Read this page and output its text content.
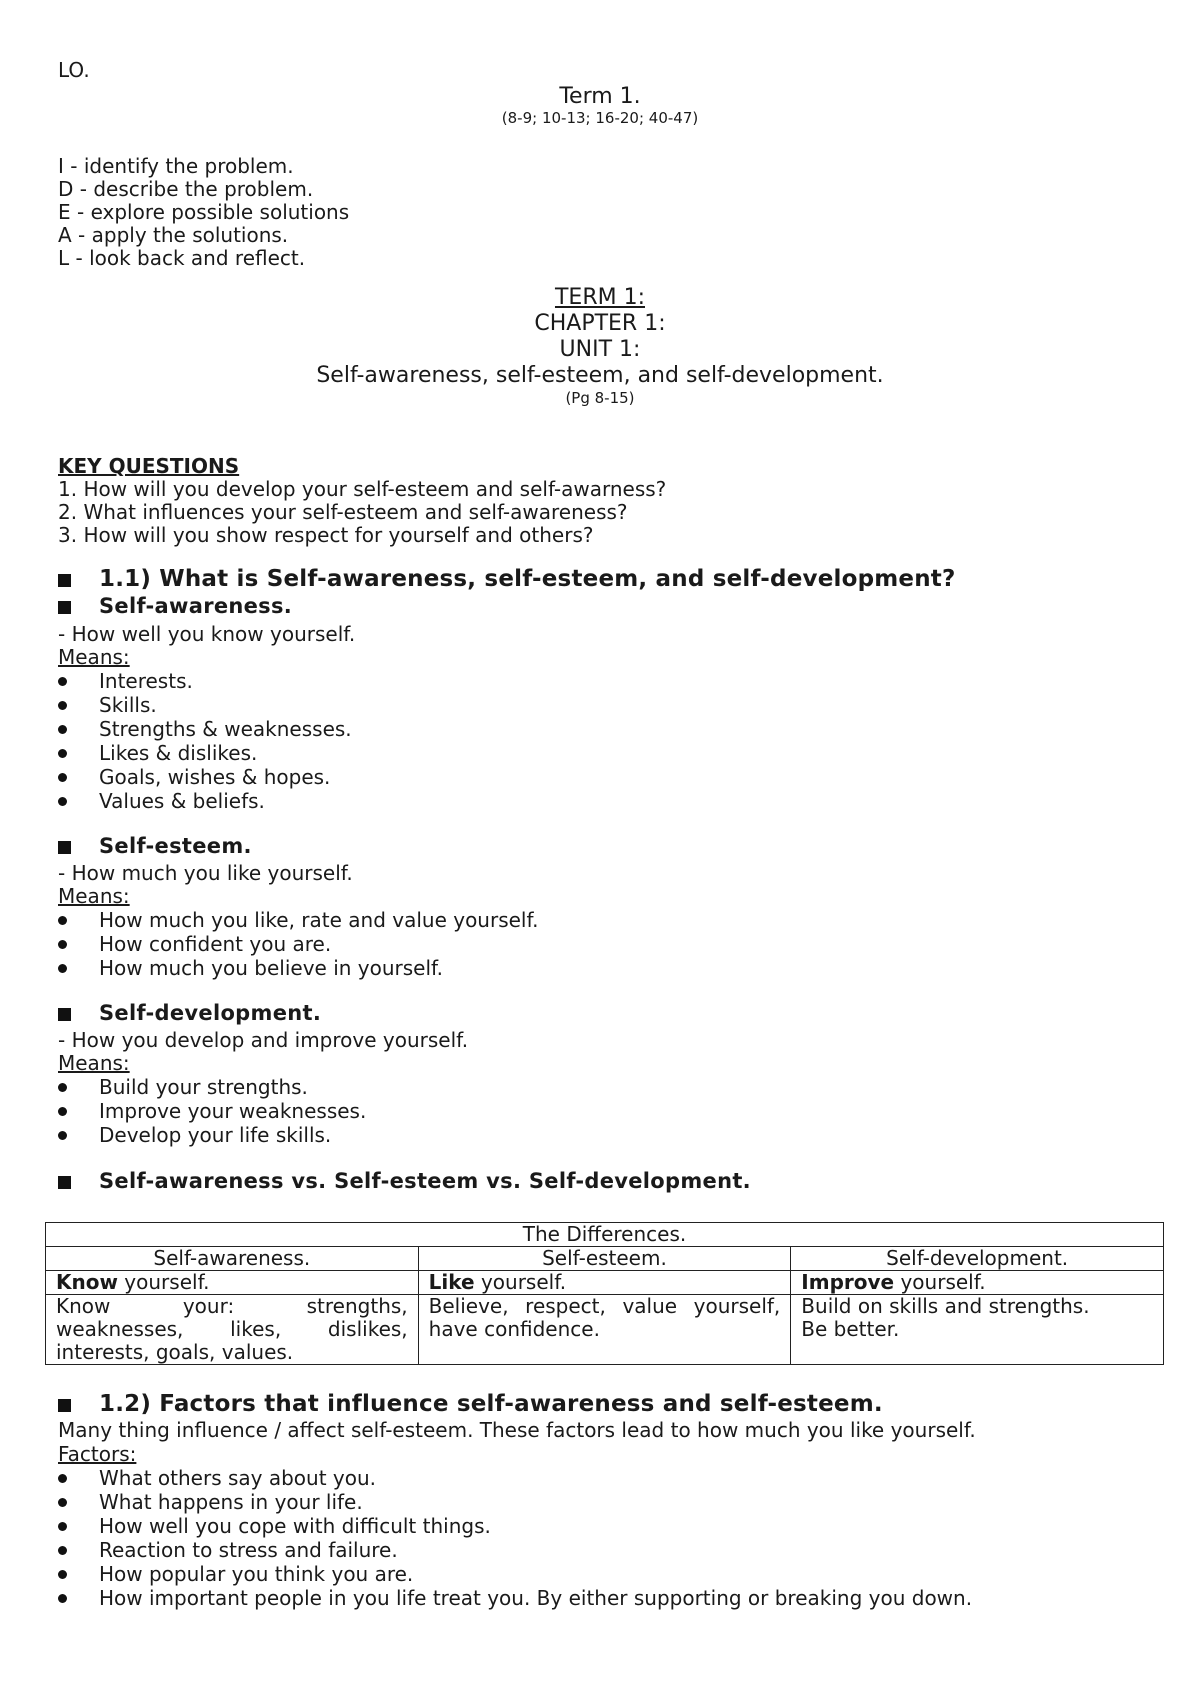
LO.
Term 1.
(8-9; 10-13; 16-20; 40-47)
I - identify the problem.
D - describe the problem.
E - explore possible solutions
A - apply the solutions.
L - look back and reflect.
TERM 1:
CHAPTER 1:
UNIT 1:
Self-awareness, self-esteem, and self-development.
(Pg 8-15)
KEY QUESTIONS
1. How will you develop your self-esteem and self-awarness?
2. What influences your self-esteem and self-awareness?
3. How will you show respect for yourself and others?
1.1) What is Self-awareness, self-esteem, and self-development?
Self-awareness.
- How well you know yourself.
Means:
Interests.
Skills.
Strengths & weaknesses.
Likes & dislikes.
Goals, wishes & hopes.
Values & beliefs.
Self-esteem.
- How much you like yourself.
Means:
How much you like, rate and value yourself.
How confident you are.
How much you believe in yourself.
Self-development.
- How you develop and improve yourself.
Means:
Build your strengths.
Improve your weaknesses.
Develop your life skills.
Self-awareness vs. Self-esteem vs. Self-development.
The Differences.		
Self-awareness.	Self-esteem.	Self-development.
Know yourself.	Like yourself.	Improve yourself.
Know your: strengths, weaknesses, likes, dislikes, interests, goals, values.	Believe, respect, value yourself, have confidence.	Build on skills and strengths.
Be better.
1.2) Factors that influence self-awareness and self-esteem.
Many thing influence / affect self-esteem. These factors lead to how much you like yourself.
Factors:
What others say about you.
What happens in your life.
How well you cope with difficult things.
Reaction to stress and failure.
How popular you think you are.
How important people in you life treat you. By either supporting or breaking you down.
